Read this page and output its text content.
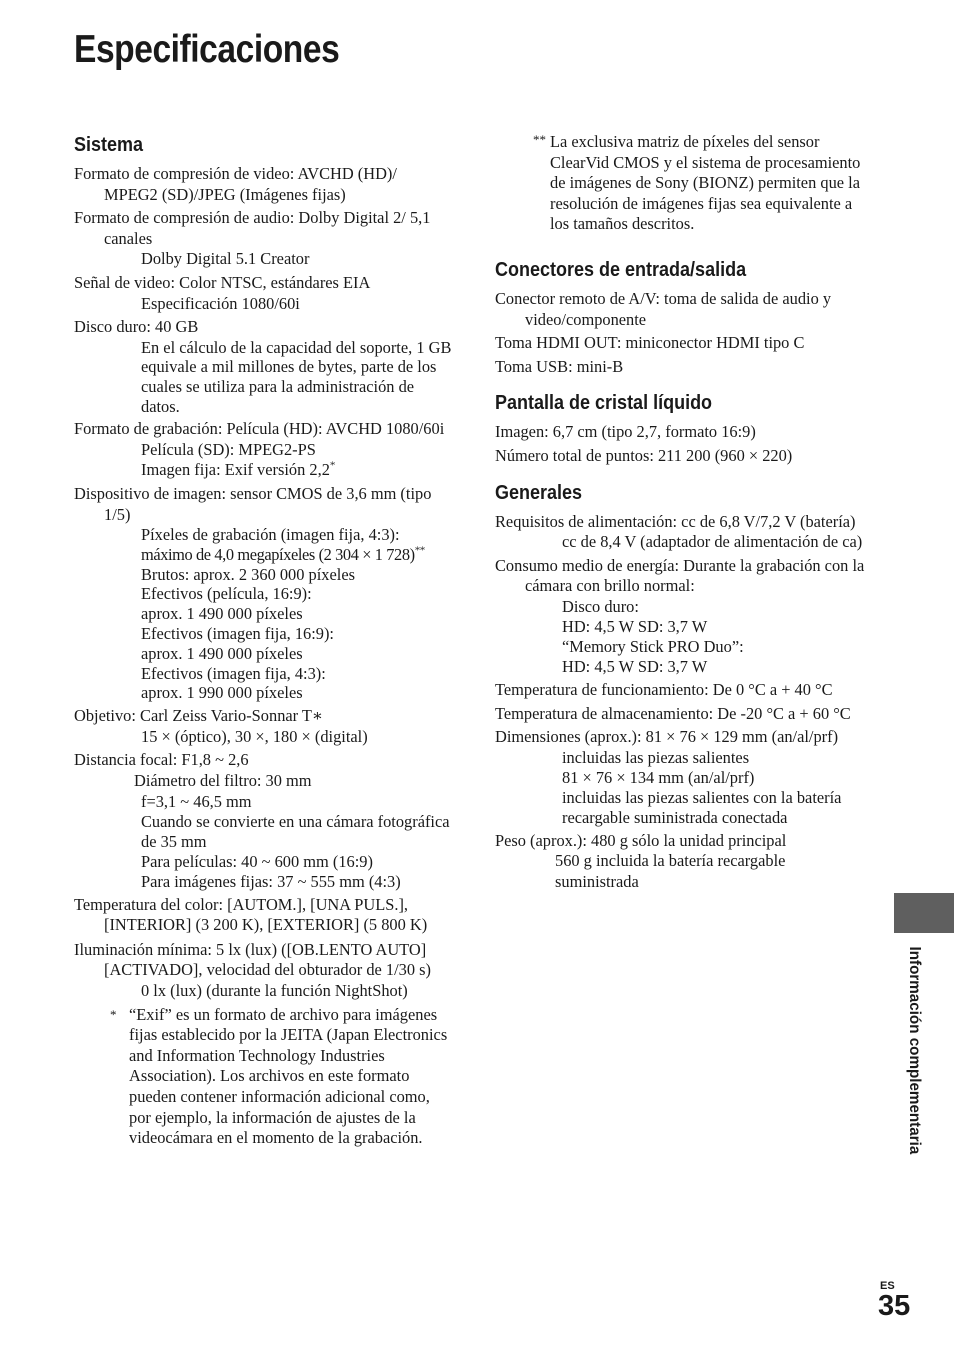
Especificaciones
Sistema
Formato de compresión de video: AVCHD (HD)/ MPEG2 (SD)/JPEG (Imágenes fijas)
Formato de compresión de audio: Dolby Digital 2/ 5,1 canales
Dolby Digital 5.1 Creator
Señal de video: Color NTSC, estándares EIA
Especificación 1080/60i
Disco duro: 40 GB
En el cálculo de la capacidad del soporte, 1 GB equivale a mil millones de bytes, parte de los cuales se utiliza para la administración de datos.
Formato de grabación: Película (HD): AVCHD 1080/60i
Película (SD): MPEG2-PS
Imagen fija: Exif versión 2,2*
Dispositivo de imagen: sensor CMOS de 3,6 mm (tipo 1/5)
Píxeles de grabación (imagen fija, 4:3):
máximo de 4,0 megapíxeles (2 304 × 1 728)**
Brutos: aprox. 2 360 000 píxeles
Efectivos (película, 16:9):
aprox. 1 490 000 píxeles
Efectivos (imagen fija, 16:9):
aprox. 1 490 000 píxeles
Efectivos (imagen fija, 4:3):
aprox. 1 990 000 píxeles
Objetivo: Carl Zeiss Vario-Sonnar T∗
15 × (óptico), 30 ×, 180 × (digital)
Distancia focal: F1,8 ~ 2,6
Diámetro del filtro: 30 mm
f=3,1 ~ 46,5 mm
Cuando se convierte en una cámara fotográfica de 35 mm
Para películas: 40 ~ 600 mm (16:9)
Para imágenes fijas: 37 ~ 555 mm (4:3)
Temperatura del color: [AUTOM.], [UNA PULS.], [INTERIOR] (3 200 K), [EXTERIOR] (5 800 K)
Iluminación mínima: 5 lx (lux) ([OB.LENTO AUTO] [ACTIVADO], velocidad del obturador de 1/30 s)
0 lx (lux) (durante la función NightShot)
* “Exif” es un formato de archivo para imágenes fijas establecido por la JEITA (Japan Electronics and Information Technology Industries Association). Los archivos en este formato pueden contener información adicional como, por ejemplo, la información de ajustes de la videocámara en el momento de la grabación.
** La exclusiva matriz de píxeles del sensor ClearVid CMOS y el sistema de procesamiento de imágenes de Sony (BIONZ) permiten que la resolución de imágenes fijas sea equivalente a los tamaños descritos.
Conectores de entrada/salida
Conector remoto de A/V: toma de salida de audio y video/componente
Toma HDMI OUT: miniconector HDMI tipo C
Toma USB: mini-B
Pantalla de cristal líquido
Imagen: 6,7 cm (tipo 2,7, formato 16:9)
Número total de puntos: 211 200 (960 × 220)
Generales
Requisitos de alimentación: cc de 6,8 V/7,2 V (batería)
cc de 8,4 V (adaptador de alimentación de ca)
Consumo medio de energía: Durante la grabación con la cámara con brillo normal:
Disco duro:
HD: 4,5 W SD: 3,7 W
“Memory Stick PRO Duo”:
HD: 4,5 W SD: 3,7 W
Temperatura de funcionamiento: De 0 °C a + 40 °C
Temperatura de almacenamiento: De -20 °C a + 60 °C
Dimensiones (aprox.): 81 × 76 × 129 mm (an/al/prf)
incluidas las piezas salientes
81 × 76 × 134 mm (an/al/prf)
incluidas las piezas salientes con la batería recargable suministrada conectada
Peso (aprox.): 480 g sólo la unidad principal
560 g incluida la batería recargable suministrada
Información complementaria
ES
35
